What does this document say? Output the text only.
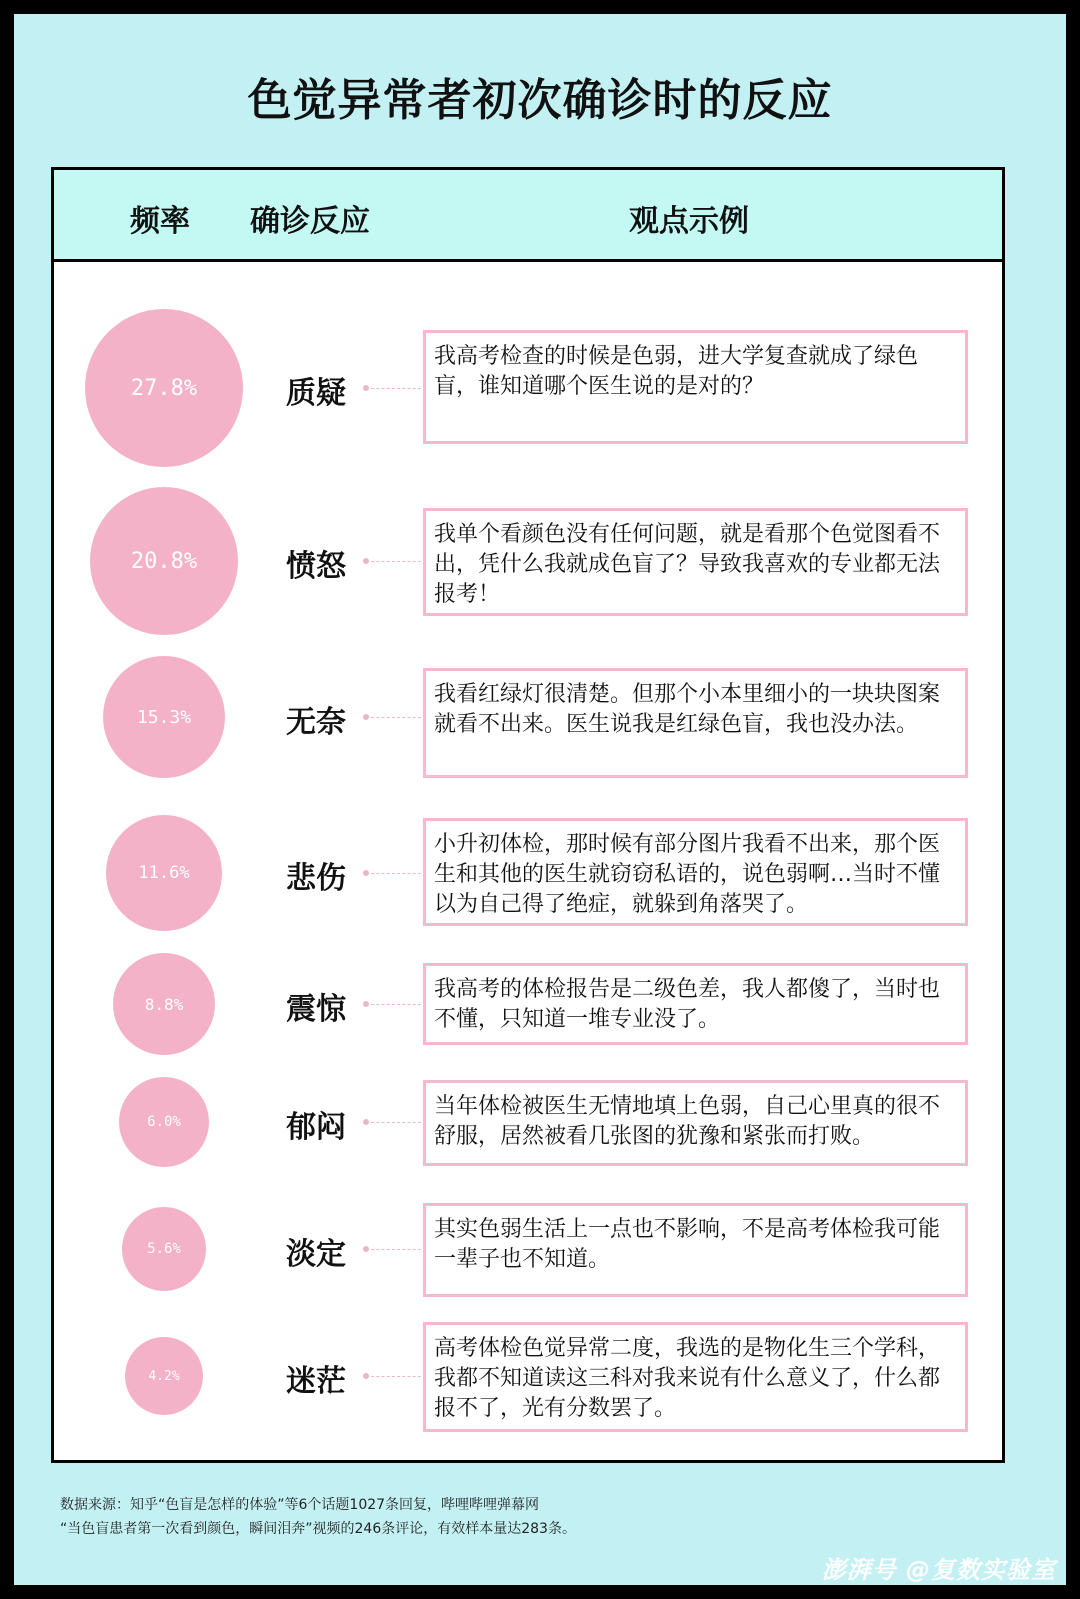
色觉异常者初次确诊时的反应
频率 确诊反应	观点示例
27.8%	质疑
我高考检查的时候是色弱，进大学复查就成了绿色盲，谁知道哪个医生说的是对的？
20.8%	愤怒
我单个看颜色没有任何问题，就是看那个色觉图看不出，凭什么我就成色盲了？导致我喜欢的专业都无法报考！
15.3%	无奈
我看红绿灯很清楚。但那个小本里细小的一块块图案就看不出来。医生说我是红绿色盲，我也没办法。
11.6%	悲伤
小升初体检，那时候有部分图片我看不出来，那个医生和其他的医生就窃窃私语的，说色弱啊…当时不懂以为自己得了绝症，就躲到角落哭了。
8.8%	震惊
我高考的体检报告是二级色差，我人都傻了，当时也不懂，只知道一堆专业没了。
6.0%	郁闷
当年体检被医生无情地填上色弱，自己心里真的很不舒服，居然被看几张图的犹豫和紧张而打败。
5.6%	淡定
其实色弱生活上一点也不影响，不是高考体检我可能一辈子也不知道。
4.2%	迷茫
高考体检色觉异常二度，我选的是物化生三个学科，我都不知道读这三科对我来说有什么意义了，什么都报不了，光有分数罢了。
数据来源：知乎“色盲是怎样的体验”等6个话题1027条回复，哔哩哔哩弹幕网
“当色盲患者第一次看到颜色，瞬间泪奔”视频的246条评论，有效样本量达283条。
澎湃号 @复数实验室
